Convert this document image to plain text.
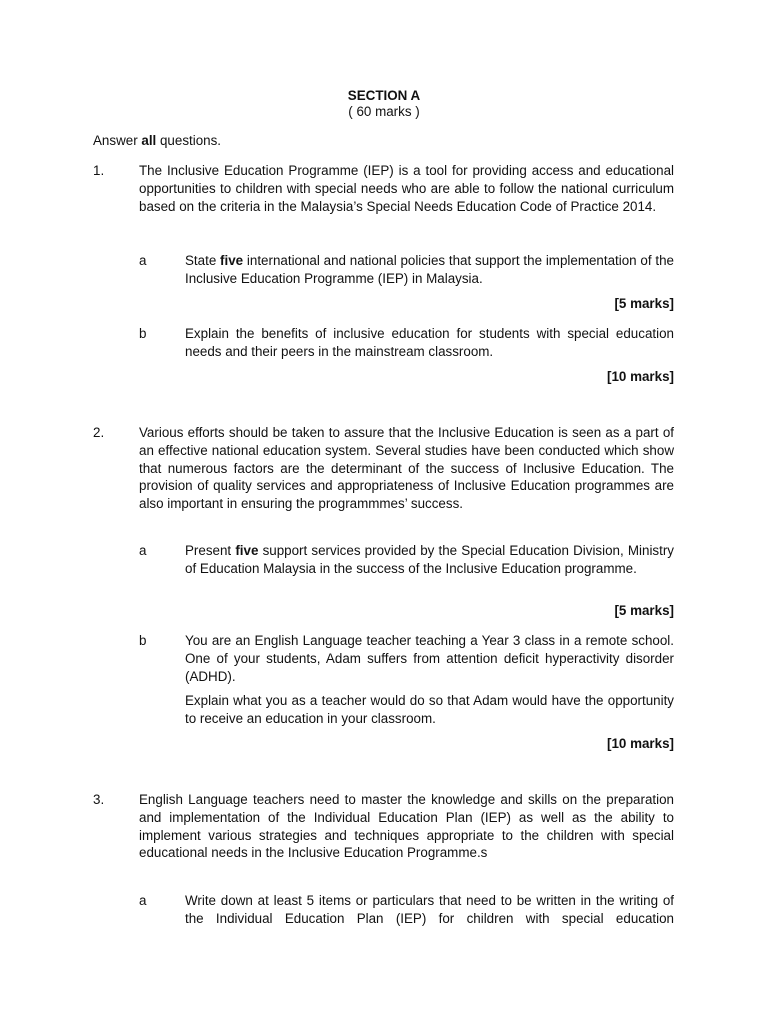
SECTION A
( 60 marks )
Answer all questions.
1.	The Inclusive Education Programme (IEP) is a tool for providing access and educational opportunities to children with special needs who are able to follow the national curriculum based on the criteria in the Malaysia’s Special Needs Education Code of Practice 2014.
a	State five international and national policies that support the implementation of the Inclusive Education Programme (IEP) in Malaysia.
[5 marks]
b	Explain the benefits of inclusive education for students with special education needs and their peers in the mainstream classroom.
[10 marks]
2.	Various efforts should be taken to assure that the Inclusive Education is seen as a part of an effective national education system. Several studies have been conducted which show that numerous factors are the determinant of the success of Inclusive Education. The provision of quality services and appropriateness of Inclusive Education programmes are also important in ensuring the programmmes’ success.
a	Present five support services provided by the Special Education Division, Ministry of Education Malaysia in the success of the Inclusive Education programme.
[5 marks]
b	You are an English Language teacher teaching a Year 3 class in a remote school. One of your students, Adam suffers from attention deficit hyperactivity disorder (ADHD).
Explain what you as a teacher would do so that Adam would have the opportunity to receive an education in your classroom.
[10 marks]
3.	English Language teachers need to master the knowledge and skills on the preparation and implementation of the Individual Education Plan (IEP) as well as the ability to implement various strategies and techniques appropriate to the children with special educational needs in the Inclusive Education Programme.s
a	Write down at least 5 items or particulars that need to be written in the writing of the Individual Education Plan (IEP) for children with special education
